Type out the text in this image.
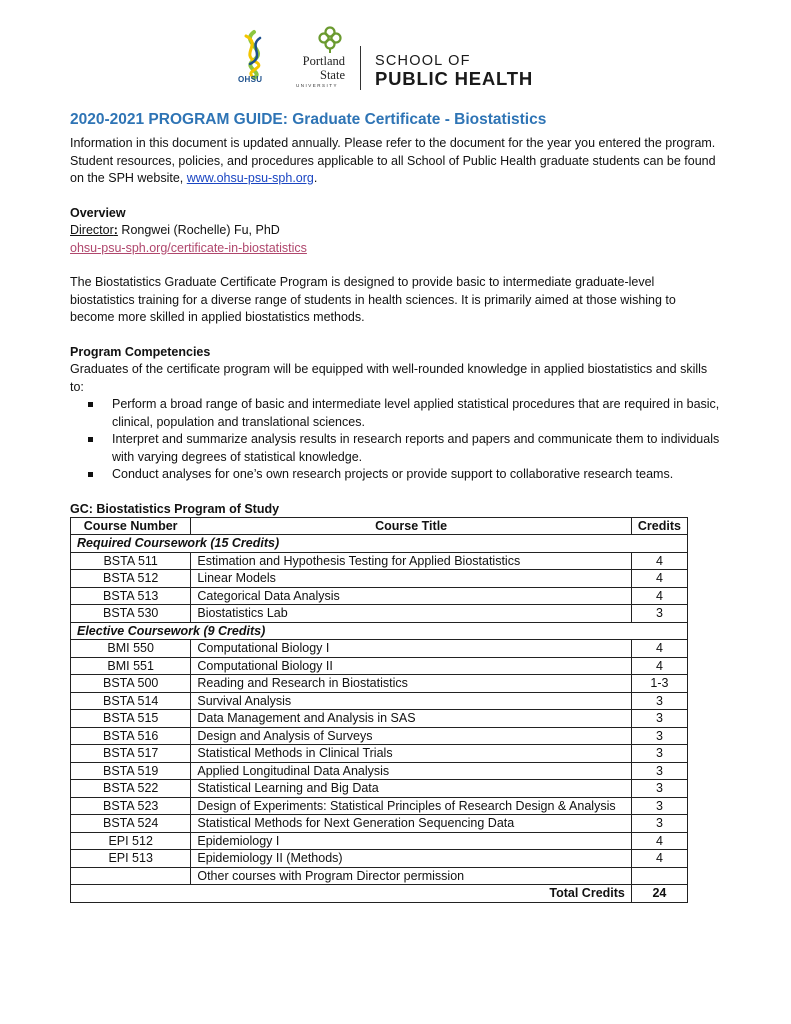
OHSU
Portland
State
UNIVERSITY
SCHOOL OF
PUBLIC HEALTH
2020-2021 PROGRAM GUIDE: Graduate Certificate - Biostatistics

Information in this document is updated annually. Please refer to the document for the year you entered the program. Student resources, policies, and procedures applicable to all School of Public Health graduate students can be found on the SPH website, www.ohsu-psu-sph.org.

Overview

Director: Rongwei (Rochelle) Fu, PhD

ohsu-psu-sph.org/certificate-in-biostatistics

The Biostatistics Graduate Certificate Program is designed to provide basic to intermediate graduate-level biostatistics training for a diverse range of students in health sciences. It is primarily aimed at those wishing to become more skilled in applied biostatistics methods.

Program Competencies

Graduates of the certificate program will be equipped with well-rounded knowledge in applied biostatistics and skills to:

Perform a broad range of basic and intermediate level applied statistical procedures that are required in basic, clinical, population and translational sciences.
Interpret and summarize analysis results in research reports and papers and communicate them to individuals with varying degrees of statistical knowledge.
Conduct analyses for one’s own research projects or provide support to collaborative research teams.

GC: Biostatistics Program of Study

Course Number	Course Title	Credits
Required Coursework (15 Credits)		
BSTA 511	Estimation and Hypothesis Testing for Applied Biostatistics	4
BSTA 512	Linear Models	4
BSTA 513	Categorical Data Analysis	4
BSTA 530	Biostatistics Lab	3
Elective Coursework (9 Credits)		
BMI 550	Computational Biology I	4
BMI 551	Computational Biology II	4
BSTA 500	Reading and Research in Biostatistics	1-3
BSTA 514	Survival Analysis	3
BSTA 515	Data Management and Analysis in SAS	3
BSTA 516	Design and Analysis of Surveys	3
BSTA 517	Statistical Methods in Clinical Trials	3
BSTA 519	Applied Longitudinal Data Analysis	3
BSTA 522	Statistical Learning and Big Data	3
BSTA 523	Design of Experiments: Statistical Principles of Research Design & Analysis	3
BSTA 524	Statistical Methods for Next Generation Sequencing Data	3
EPI 512	Epidemiology I	4
EPI 513	Epidemiology II (Methods)	4
	Other courses with Program Director permission	
Total Credits		24
